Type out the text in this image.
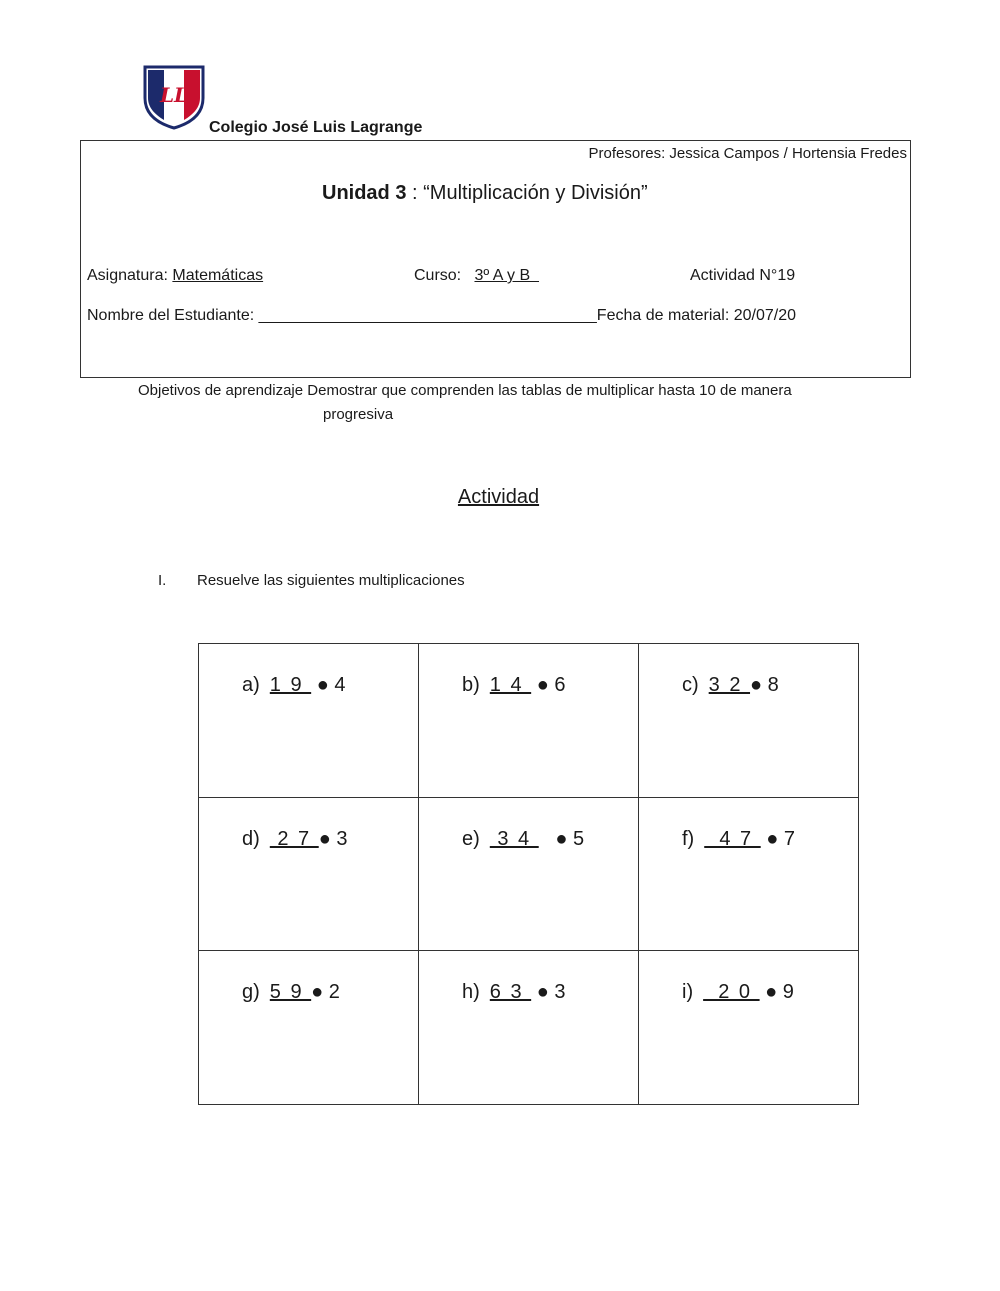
LL
Colegio José Luis Lagrange
Profesores: Jessica Campos / Hortensia Fredes
Unidad 3 : “Multiplicación y División”
Asignatura: Matemáticas	Curso:   3º A y B	Actividad N°19
Nombre del Estudiante: ______________________________________Fecha de material: 20/07/20
Objetivos de aprendizaje Demostrar que comprenden las tablas de multiplicar hasta 10 de manera
progresiva
Actividad
I. Resuelve las siguientes multiplicaciones
a) 1 9  ● 4	b) 1 4  ● 6	c) 3 2 ● 8

d) 2 7 ● 3	e) 3 4    ● 5	f)  4 7  ● 7

g) 5 9 ● 2	h) 6 3  ● 3	i)  2 0  ● 9
